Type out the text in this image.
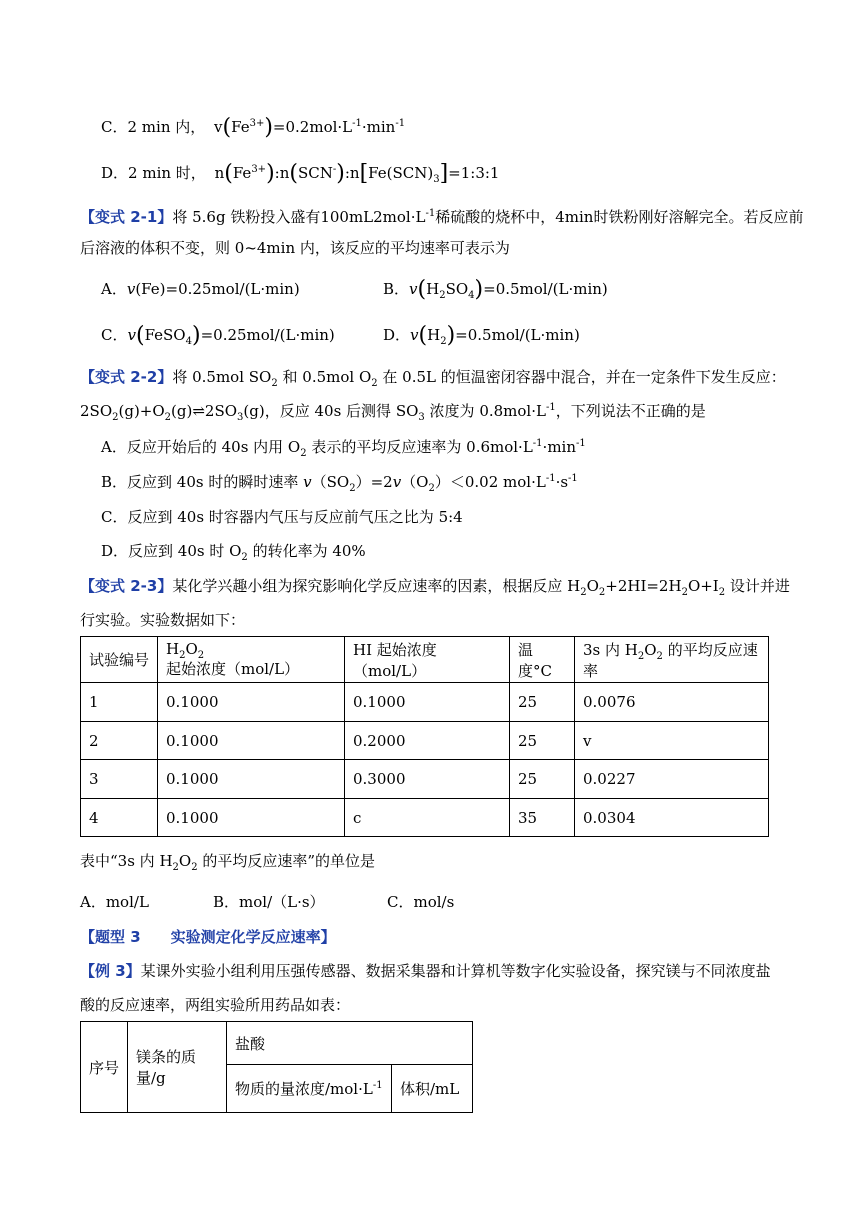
C．2 min 内， $v(Fe^{3+})=0.2mol\cdot L^{-1}\cdot\min^{-1}$
D．2 min 时， $n(Fe^{3+}):n(SCN^-):n[Fe(SCN)_3]=1:3:1$
【变式 2-1】将 5.6g 铁粉投入盛有$100mL2mol\cdot L^{-1}$稀硫酸的烧杯中，4min时铁粉刚好溶解完全。若反应前
后溶液的体积不变，则 0~4min 内，该反应的平均速率可表示为
A．v(Fe)=0.25mol/(L·min)	B．$v(H_2SO_4)=0.5mol/(L\cdot\min)$
C．v(FeSO$_4$)=0.25mol/(L·min)	D．$v(H_2)=0.5mol/(L\cdot\min)$
【变式 2-2】将 0.5mol $SO_2$ 和 0.5mol $O_2$ 在 0.5L 的恒温密闭容器中混合，并在一定条件下发生反应：
$2SO_2(g)+O_2(g)\rightleftharpoons 2SO_3(g)$，反应 40s 后测得 $SO_3$ 浓度为 $0.8mol\cdot L^{-1}$，下列说法不正确的是
A．反应开始后的 40s 内用 $O_2$ 表示的平均反应速率为 $0.6mol\cdot L^{-1}\cdot\min^{-1}$
B．反应到 40s 时的瞬时速率 $v(SO_2)=2v(O_2)<0.02$ $mol\cdot L^{-1}\cdot s^{-1}$
C．反应到 40s 时容器内气压与反应前气压之比为 5:4
D．反应到 40s 时 $O_2$ 的转化率为 40%
【变式 2-3】某化学兴趣小组为探究影响化学反应速率的因素，根据反应 $H_2O_2+2HI=2H_2O+I_2$ 设计并进
行实验。实验数据如下：
试验编号	$H_2O_2$ 起始浓度（mol/L）	HI 起始浓度（mol/L）	温度°C	3s 内 $H_2O_2$ 的平均反应速率
1	0.1000	0.1000	25	0.0076
2	0.1000	0.2000	25	v
3	0.1000	0.3000	25	0.0227
4	0.1000	c	35	0.0304
表中“3s 内 $H_2O_2$ 的平均反应速率”的单位是
A．mol/L	B．mol/（L·s）	C．mol/s
【题型 3　　实验测定化学反应速率】
【例 3】某课外实验小组利用压强传感器、数据采集器和计算机等数字化实验设备，探究镁与不同浓度盐
酸的反应速率，两组实验所用药品如表：
序号	镁条的质量/g	盐酸	
		物质的量浓度$/mol\cdot L^{-1}$	体积/mL
